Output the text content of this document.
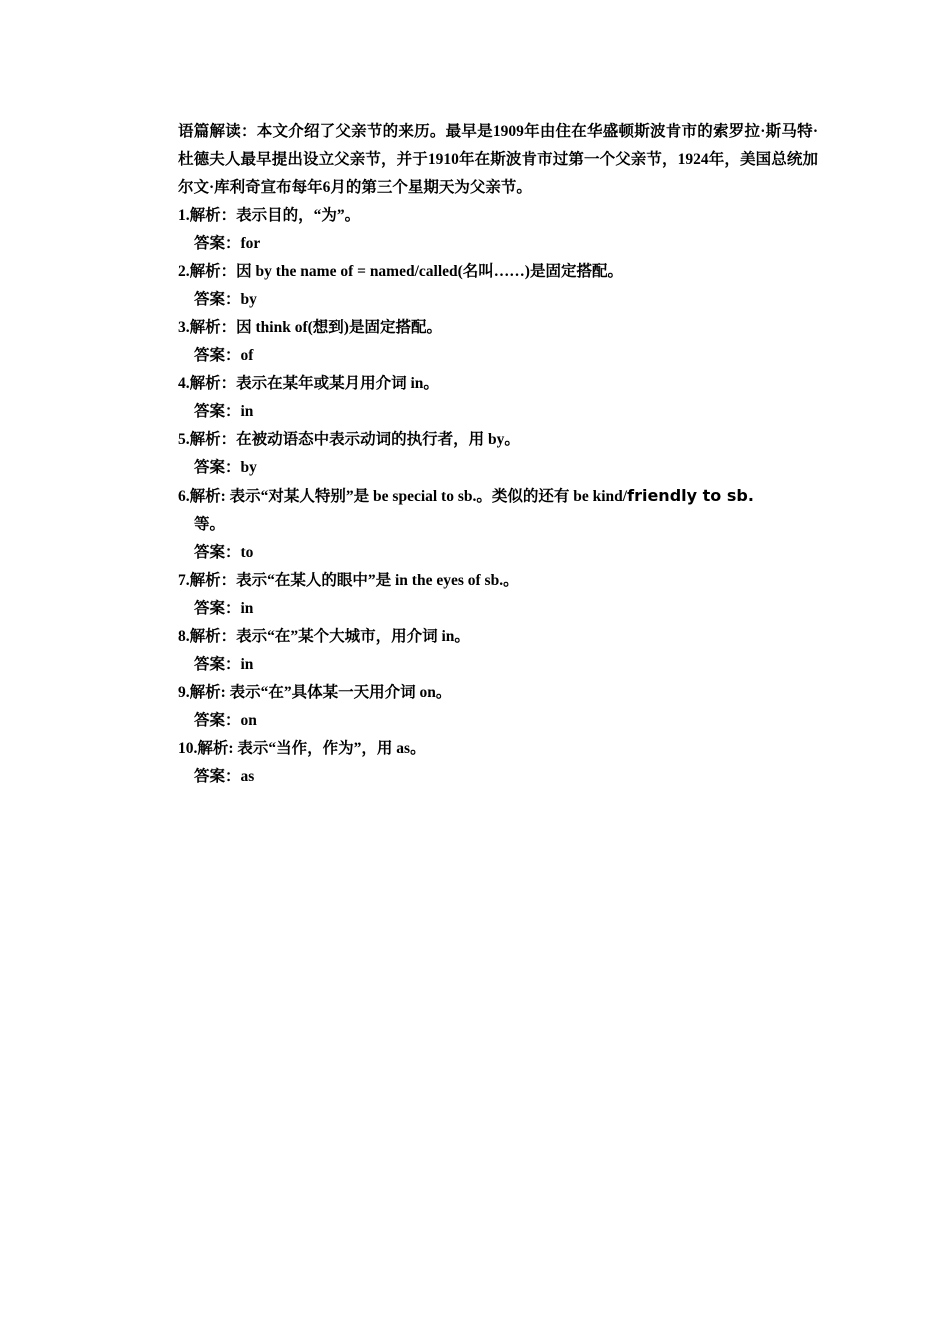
语篇解读：本文介绍了父亲节的来历。最早是1909年由住在华盛顿斯波肯市的索罗拉·斯马特·杜德夫人最早提出设立父亲节，并于1910年在斯波肯市过第一个父亲节，1924年，美国总统加尔文·库利奇宣布每年6月的第三个星期天为父亲节。
1.解析：表示目的，“为”。
答案：for
2.解析：因 by the name of = named/called(名叫……)是固定搭配。
答案：by
3.解析：因 think of(想到)是固定搭配。
答案：of
4.解析：表示在某年或某月用介词 in。
答案：in
5.解析：在被动语态中表示动词的执行者，用 by。
答案：by
6.解析: 表示“对某人特别”是 be special to sb.。类似的还有 be kind/friendly to sb.
等。
答案：to
7.解析：表示“在某人的眼中”是 in the eyes of sb.。
答案：in
8.解析：表示“在”某个大城市，用介词 in。
答案：in
9.解析: 表示“在”具体某一天用介词 on。
答案：on
10.解析: 表示“当作，作为”，用 as。
答案：as
